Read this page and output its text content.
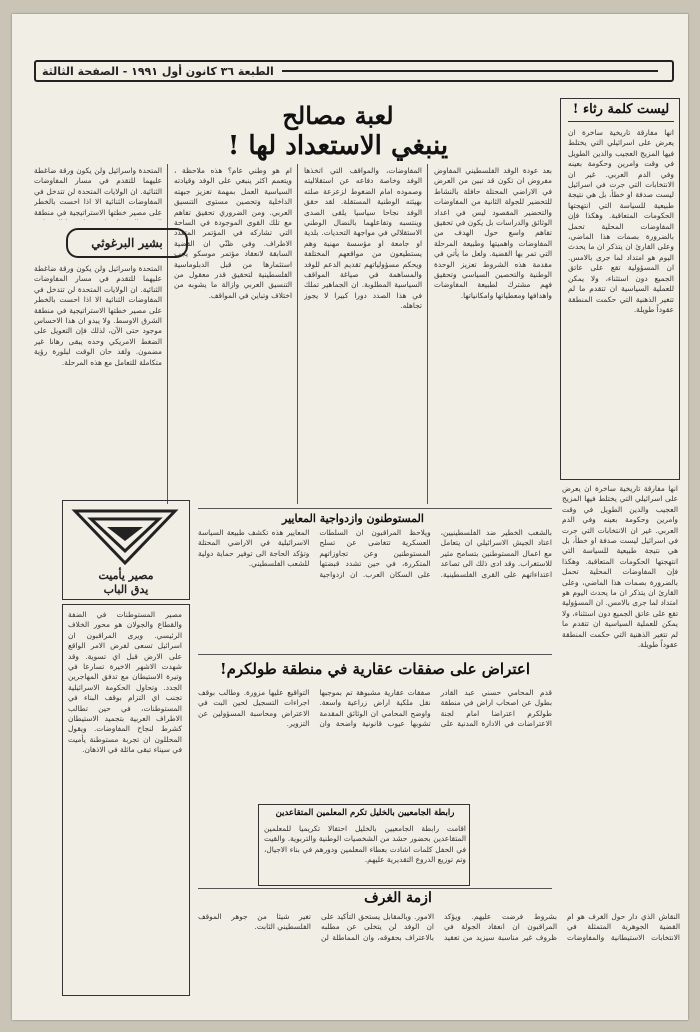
الطبعة ٣٦ كانون أول ١٩٩١ - الصفحة الثالثة
ليست كلمة رثاء !
انها مفارقة تاريخية ساخرة ان يعرض على اسرائيلي التي يختلط فيها المزيج العجيب والدين الطويل في وقت وامرين وحكومة بعينه وفي الدم العربي. غير ان الانتخابات التي جرت في اسرائيل ليست صدفة او خطأ، بل هي نتيجة طبيعية للسياسة التي انتهجتها الحكومات المتعاقبة. وهكذا فإن المفاوضات المحلية تحمل بالضرورة بصمات هذا الماضي، وعلى القارئ ان يتذكر ان ما يحدث اليوم هو امتداد لما جرى بالامس. ان المسؤولية تقع على عاتق الجميع دون استثناء، ولا يمكن للعملية السياسية ان تتقدم ما لم تتغير الذهنية التي حكمت المنطقة عقوداً طويلة.
لعبة مصالح
ينبغي الاستعداد لها !
بعد عودة الوفد الفلسطيني المفاوض مفروض ان تكون قد تبين من العرض في الاراضي المحتلة حافلة بالنشاط للتحضير للجولة الثانية من المفاوضات والتحضير المقصود ليس في اعداد الوثائق والدراسات بل يكون في تحقيق تفاهم واسع حول الهدف من المفاوضات واهميتها وطبيعة المرحلة التي تمر بها القضية. ولعل ما يأتي في مقدمة هذه الشروط تعزيز الوحدة الوطنية والتحصين السياسي وتحقيق فهم مشترك لطبيعة المفاوضات واهدافها ومعطياتها وامكانياتها.
المفاوضات، والمواقف التي اتخذها الوفد وخاصة دفاعه عن استقلاليته وصموده امام الضغوط لزعزعة صلته بهيئته الوطنية المستقلة. لقد حقق الوفد نجاحا سياسيا يلقى الصدى وينتسبه وتفاعلهما بالنضال الوطني الاستقلالي في مواجهة التحديات. بلدية او جامعة او مؤسسة مهنية وهم يستطيعون من مواقعهم المختلفة ويحكم مسؤولياتهم تقديم الدعم للوفد والمساهمة في صياغة المواقف السياسية المطلوبة. ان الجماهير تملك في هذا الصدد دورا كبيرا لا يجوز تجاهله.
ام هو وطني عام؟ هذه ملاحظة ، ويتعمم اكثر ينبغي على الوفد وقيادته السياسية العمل بمهمة تعزيز جبهته الداخلية وتحصين مستوى التنسيق العربي. ومن الضروري تحقيق تفاهم مع تلك القوى الموجودة في الساحة التي تشاركه في المؤتمر المتعدد الاطراف. وفي ظنّي ان القضية السابقة لانعقاد مؤتمر موسكو يجب استثمارها من قبل الدبلوماسية الفلسطينية لتحقيق قدر معقول من التنسيق العربي وازالة ما يشوبه من اختلاف وتباين في المواقف.
المتحدة واسرائيل ولن يكون ورقة ضاغطة عليهما للتقدم في مسار المفاوضات الثنائية. ان الولايات المتحدة لن تتدخل في المفاوضات الثنائية الا اذا احست بالخطر على مصير خطتها الاستراتيجية في منطقة
بشير البرغوثي
المتحدة واسرائيل ولن يكون ورقة ضاغطة عليهما للتقدم في مسار المفاوضات الثنائية. ان الولايات المتحدة لن تتدخل في المفاوضات الثنائية الا اذا احست بالخطر على مصير خطتها الاستراتيجية في منطقة الشرق الاوسط. ولا يبدو ان هذا الاحساس موجود حتى الآن، لذلك فإن التعويل على الضغط الامريكي وحده يبقى رهانا غير مضمون. ولقد حان الوقت لبلورة رؤية متكاملة للتعامل مع هذه المرحلة.
مصير يأميت
يدق الباب
مصير المستوطنات في الضفة والقطاع والجولان هو محور الخلاف الرئيسي. ويرى المراقبون ان اسرائيل تسعى لفرض الامر الواقع على الارض قبل اي تسوية. وقد شهدت الاشهر الاخيرة تسارعا في وتيرة الاستيطان مع تدفق المهاجرين الجدد. وتحاول الحكومة الاسرائيلية تجنب اي التزام بوقف البناء في المستوطنات، في حين تطالب الاطراف العربية بتجميد الاستيطان كشرط لنجاح المفاوضات. ويقول المحللون ان تجربة مستوطنة يأميت في سيناء تبقى ماثلة في الاذهان.
المستوطنون وازدواجية المعايير
بالشغب الخطير ضد الفلسطينيين، اعتاد الجيش الاسرائيلي ان يتعامل مع اعمال المستوطنين بتسامح مثير للاستغراب. وقد ادى ذلك الى تصاعد اعتداءاتهم على القرى الفلسطينية. ويلاحظ المراقبون ان السلطات العسكرية تتغاضى عن تسلح المستوطنين وعن تجاوزاتهم المتكررة، في حين تشدد قبضتها على السكان العرب. ان ازدواجية المعايير هذه تكشف طبيعة السياسة الاسرائيلية في الاراضي المحتلة وتؤكد الحاجة الى توفير حماية دولية للشعب الفلسطيني.
اعتراض على صفقات عقارية في منطقة طولكرم!
قدم المحامي حسني عبد القادر بطول عن اصحاب اراض في منطقة طولكرم اعتراضا امام لجنة الاعتراضات في الادارة المدنية على صفقات عقارية مشبوهة تم بموجبها نقل ملكية اراض زراعية واسعة. واوضح المحامي ان الوثائق المقدمة تشوبها عيوب قانونية واضحة وان التواقيع عليها مزورة. وطالب بوقف اجراءات التسجيل لحين البت في الاعتراض ومحاسبة المسؤولين عن التزوير.
رابطة الجامعيين بالخليل تكرم المعلمين المتقاعدين
اقامت رابطة الجامعيين بالخليل احتفالا تكريميا للمعلمين المتقاعدين بحضور حشد من الشخصيات الوطنية والتربوية. والقيت في الحفل كلمات اشادت بعطاء المعلمين ودورهم في بناء الاجيال، وتم توزيع الدروع التقديرية عليهم.
ازمة الغرف
النقاش الذي دار حول الغرف هو ام القضية الجوهرية المتمثلة في الانتخابات الاستيطانية والمفاوضات بشروط فرضت عليهم. ويؤكد المراقبون ان انعقاد الجولة في ظروف غير مناسبة سيزيد من تعقيد الامور. وبالمقابل يستحق التأكيد على ان الوفد لن يتخلى عن مطلبه بالاعتراف بحقوقه، وان المماطلة لن تغير شيئا من جوهر الموقف الفلسطيني الثابت.
انها مفارقة تاريخية ساخرة ان يعرض على اسرائيلي التي يختلط فيها المزيج العجيب والدين الطويل في وقت وامرين وحكومة بعينه وفي الدم العربي. غير ان الانتخابات التي جرت في اسرائيل ليست صدفة او خطأ، بل هي نتيجة طبيعية للسياسة التي انتهجتها الحكومات المتعاقبة. وهكذا فإن المفاوضات المحلية تحمل بالضرورة بصمات هذا الماضي، وعلى القارئ ان يتذكر ان ما يحدث اليوم هو امتداد لما جرى بالامس. ان المسؤولية تقع على عاتق الجميع دون استثناء، ولا يمكن للعملية السياسية ان تتقدم ما لم تتغير الذهنية التي حكمت المنطقة عقوداً طويلة.
